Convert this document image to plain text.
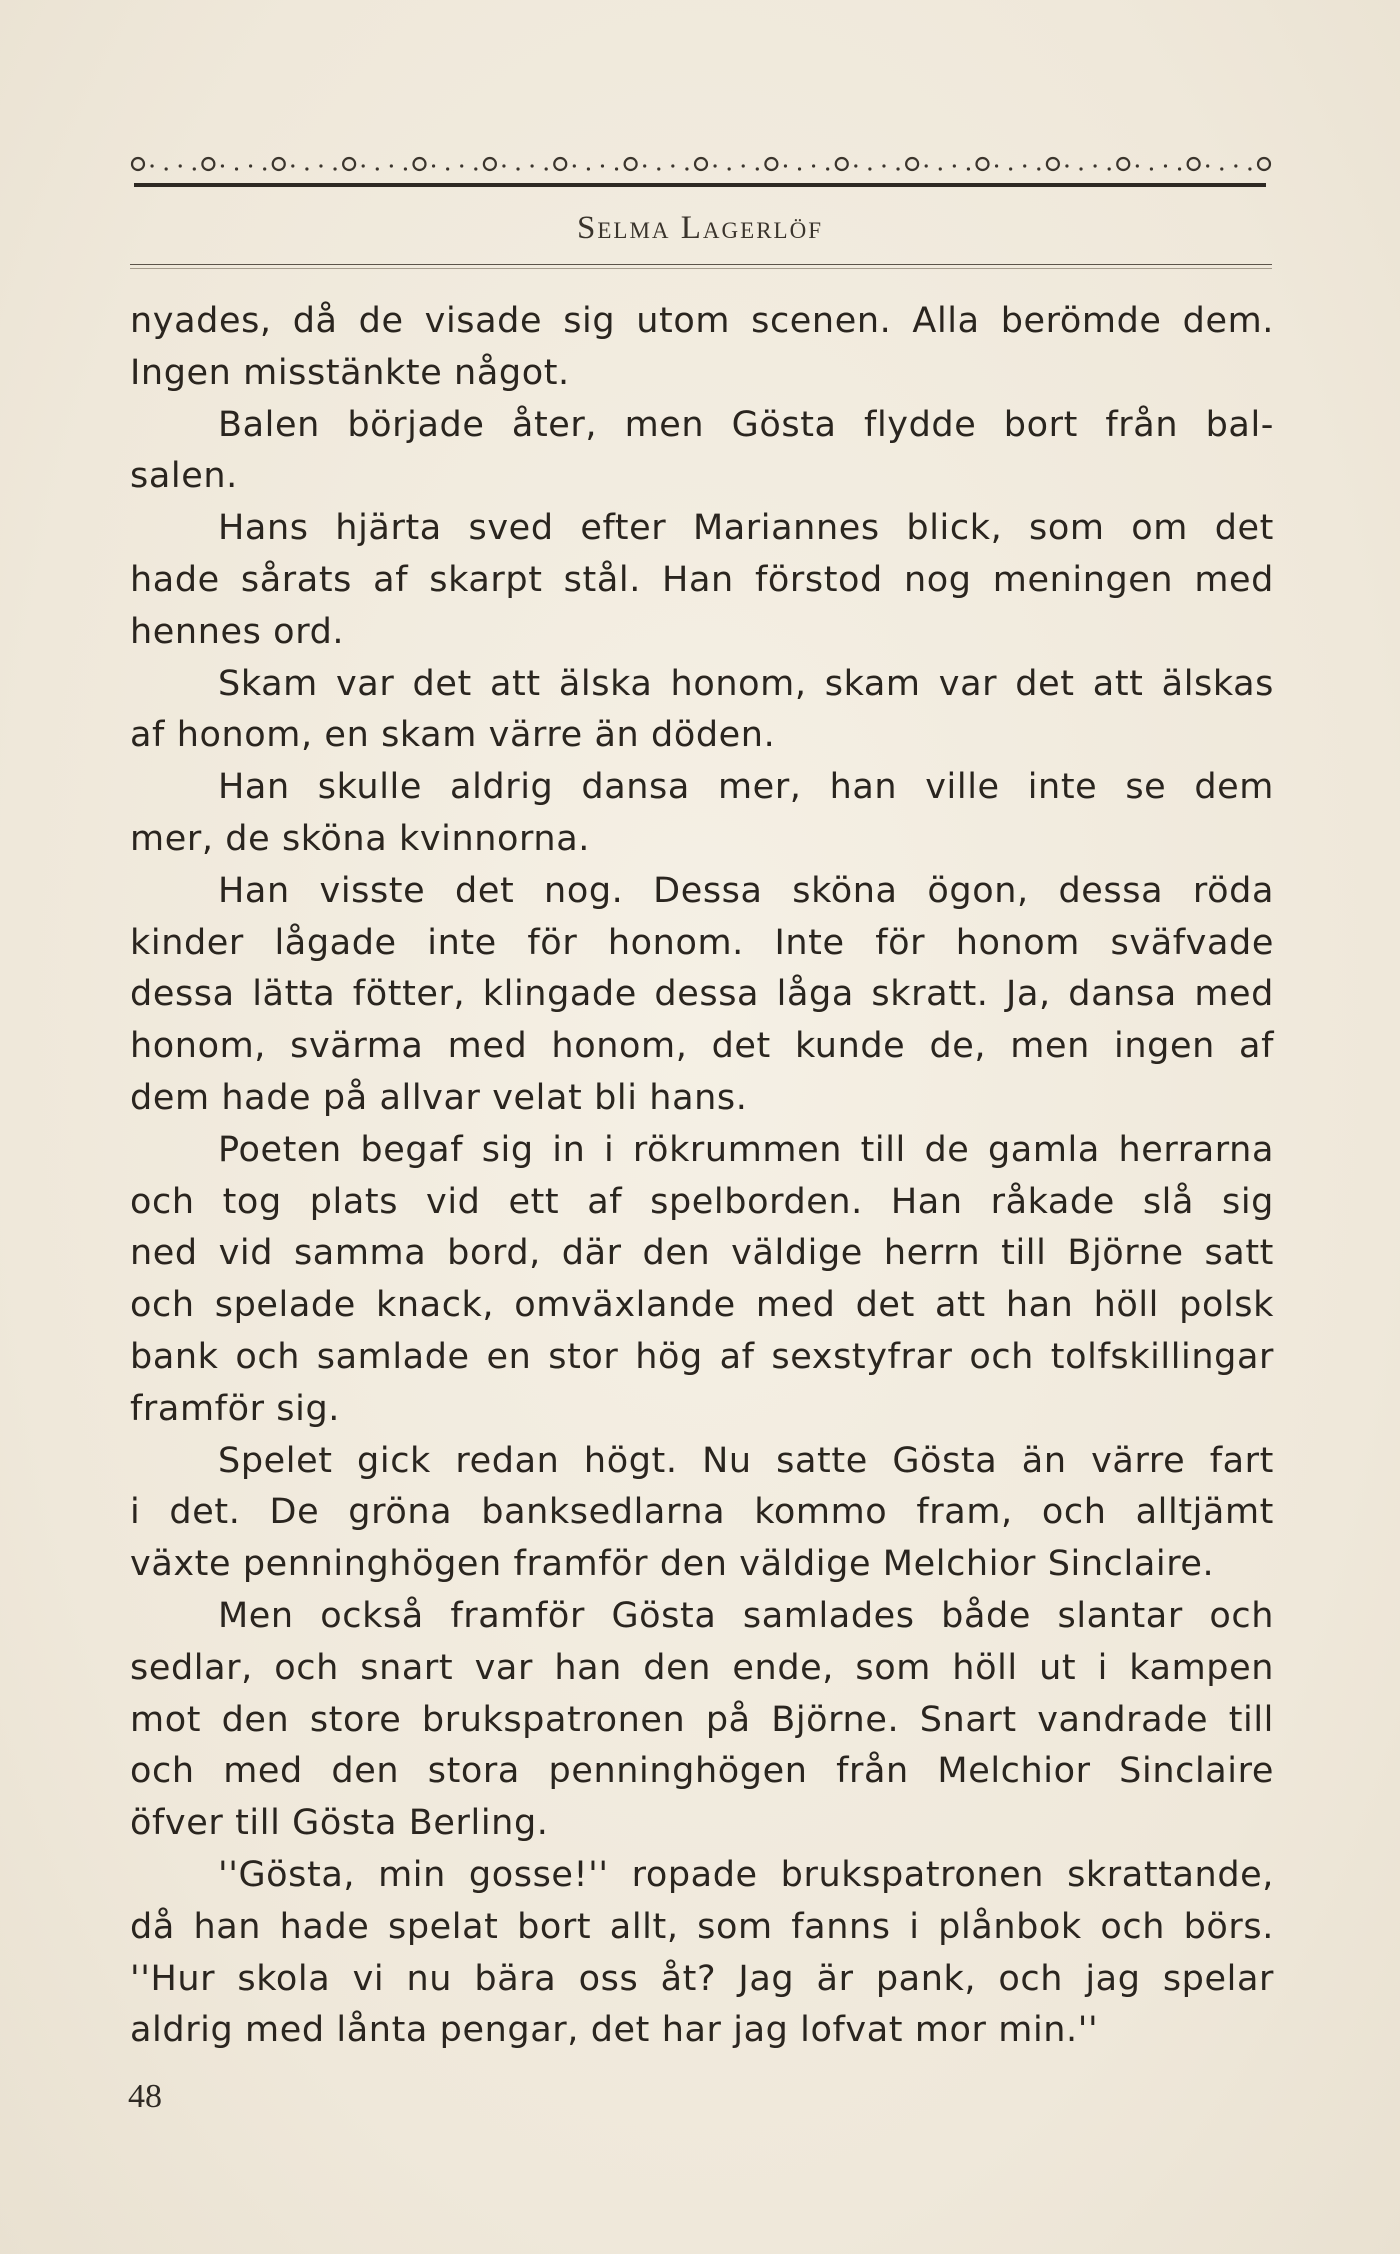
Selma Lagerlöf
nyades, då de visade sig utom scenen. Alla berömde dem.
Ingen misstänkte något.
Balen började åter, men Gösta flydde bort från bal-
salen.
Hans hjärta sved efter Mariannes blick, som om det
hade sårats af skarpt stål. Han förstod nog meningen med
hennes ord.
Skam var det att älska honom, skam var det att älskas
af honom, en skam värre än döden.
Han skulle aldrig dansa mer, han ville inte se dem
mer, de sköna kvinnorna.
Han visste det nog. Dessa sköna ögon, dessa röda
kinder lågade inte för honom. Inte för honom sväfvade
dessa lätta fötter, klingade dessa låga skratt. Ja, dansa med
honom, svärma med honom, det kunde de, men ingen af
dem hade på allvar velat bli hans.
Poeten begaf sig in i rökrummen till de gamla herrarna
och tog plats vid ett af spelborden. Han råkade slå sig
ned vid samma bord, där den väldige herrn till Björne satt
och spelade knack, omväxlande med det att han höll polsk
bank och samlade en stor hög af sexstyfrar och tolfskillingar
framför sig.
Spelet gick redan högt. Nu satte Gösta än värre fart
i det. De gröna banksedlarna kommo fram, och alltjämt
växte penninghögen framför den väldige Melchior Sinclaire.
Men också framför Gösta samlades både slantar och
sedlar, och snart var han den ende, som höll ut i kampen
mot den store brukspatronen på Björne. Snart vandrade till
och med den stora penninghögen från Melchior Sinclaire
öfver till Gösta Berling.
''Gösta, min gosse!'' ropade brukspatronen skrattande,
då han hade spelat bort allt, som fanns i plånbok och börs.
''Hur skola vi nu bära oss åt? Jag är pank, och jag spelar
aldrig med lånta pengar, det har jag lofvat mor min.''
48
